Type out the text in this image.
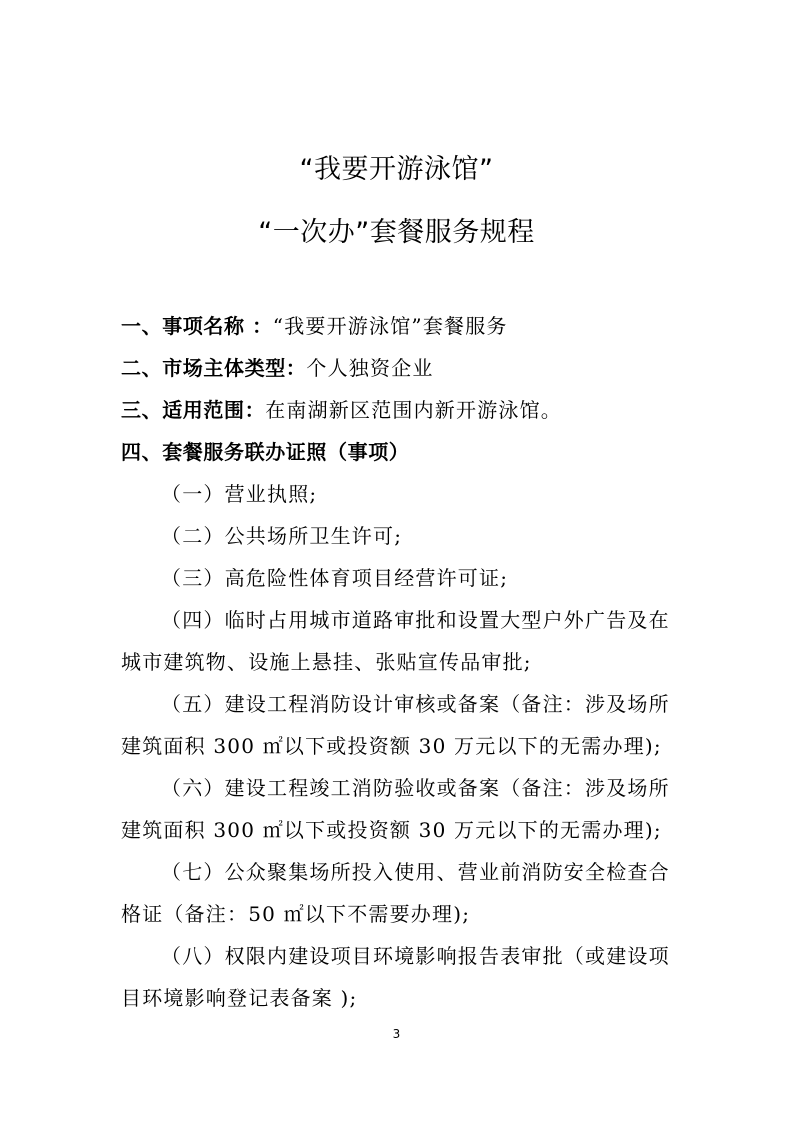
“我要开游泳馆”
“一次办”套餐服务规程
一、事项名称 ：“我要开游泳馆”套餐服务
二、市场主体类型：个人独资企业
三、适用范围：在南湖新区范围内新开游泳馆。
四、套餐服务联办证照（事项）
（一）营业执照;
（二）公共场所卫生许可;
（三）高危险性体育项目经营许可证;
（四）临时占用城市道路审批和设置大型户外广告及在
城市建筑物、设施上悬挂、张贴宣传品审批;
（五）建设工程消防设计审核或备案（备注：涉及场所
建筑面积 300 ㎡以下或投资额 30 万元以下的无需办理);
（六）建设工程竣工消防验收或备案（备注：涉及场所
建筑面积 300 ㎡以下或投资额 30 万元以下的无需办理);
（七）公众聚集场所投入使用、营业前消防安全检查合
格证（备注：50 ㎡以下不需要办理);
（八）权限内建设项目环境影响报告表审批（或建设项
目环境影响登记表备案 );
3
